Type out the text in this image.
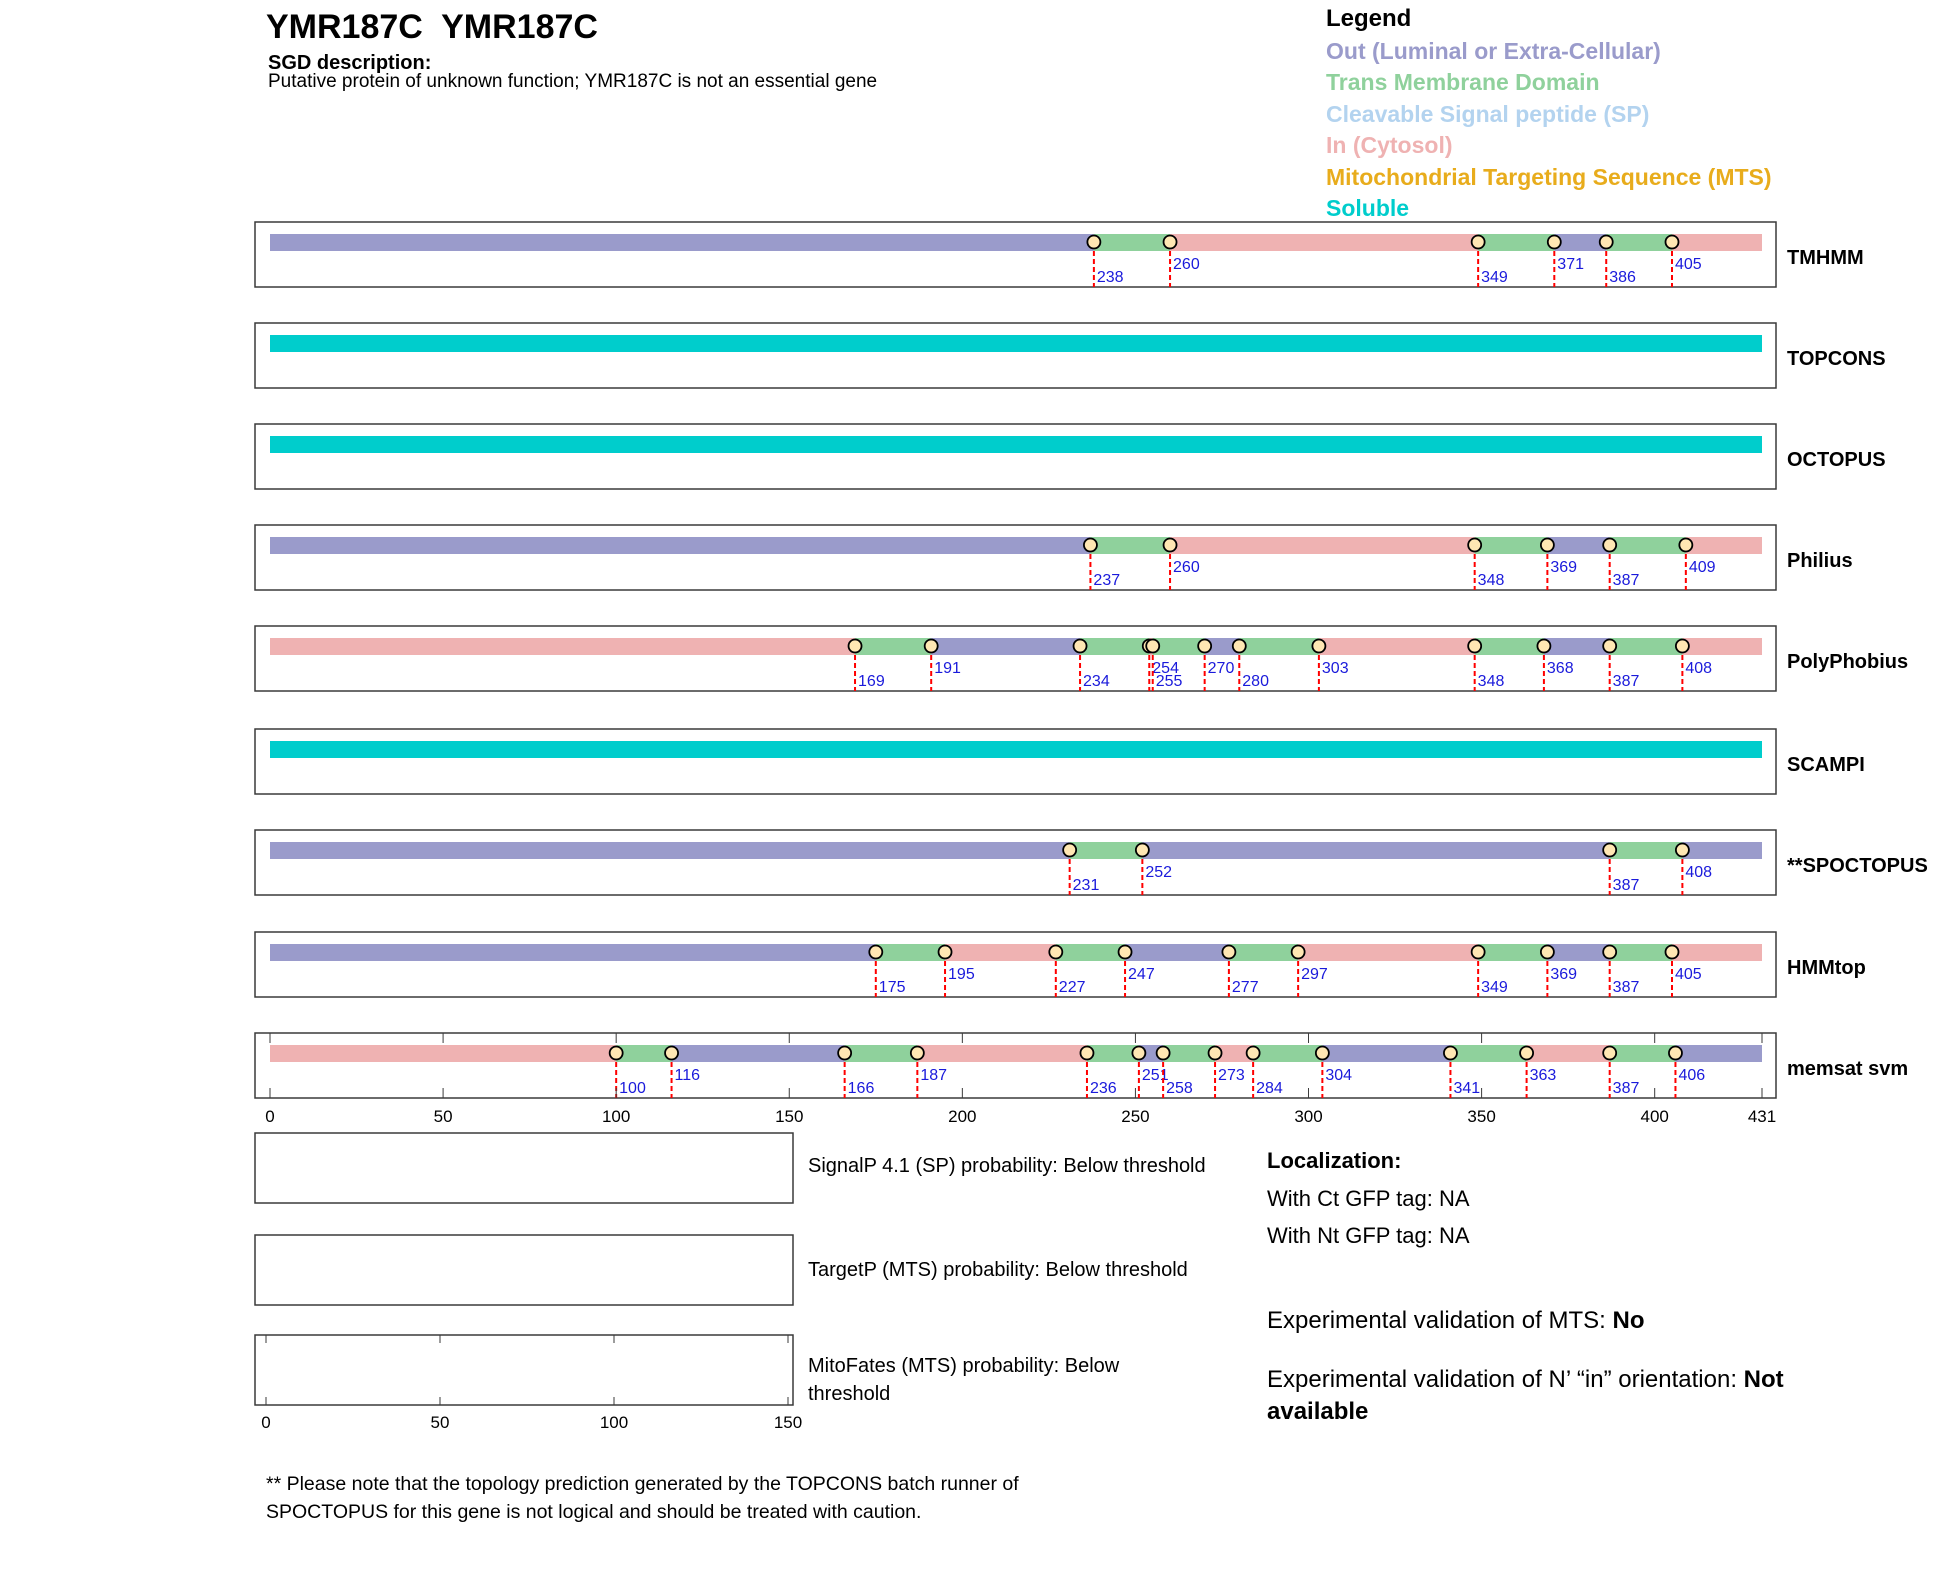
YMR187C  YMR187C
SGD description:
Putative protein of unknown function; YMR187C is not an essential gene
Legend
Out (Luminal or Extra-Cellular)
Trans Membrane Domain
Cleavable Signal peptide (SP)
In (Cytosol)
Mitochondrial Targeting Sequence (MTS)
Soluble
238
260
349
371
386
405	TMHMM
TOPCONS
OCTOPUS
237
260
348
369
387
409	Philius
169
191
234
254
255
270
280
303
348
368
387
408	PolyPhobius
SCAMPI
231
252
387
408	**SPOCTOPUS
175
195
227
247
277
297
349
369
387
405	HMMtop
100
116
166
187
236
251
258
273
284
304
341
363
387
406	memsat svm
0	50	100	150	200	250	300	350	400	431
0	50	100	150
SignalP 4.1 (SP) probability: Below threshold
TargetP (MTS) probability: Below threshold
MitoFates (MTS) probability: Below
threshold
Localization:
With Ct GFP tag: NA
With Nt GFP tag: NA
Experimental validation of MTS: No
Experimental validation of N’ “in” orientation: Not available
** Please note that the topology prediction generated by the TOPCONS batch runner of
SPOCTOPUS for this gene is not logical and should be treated with caution.
